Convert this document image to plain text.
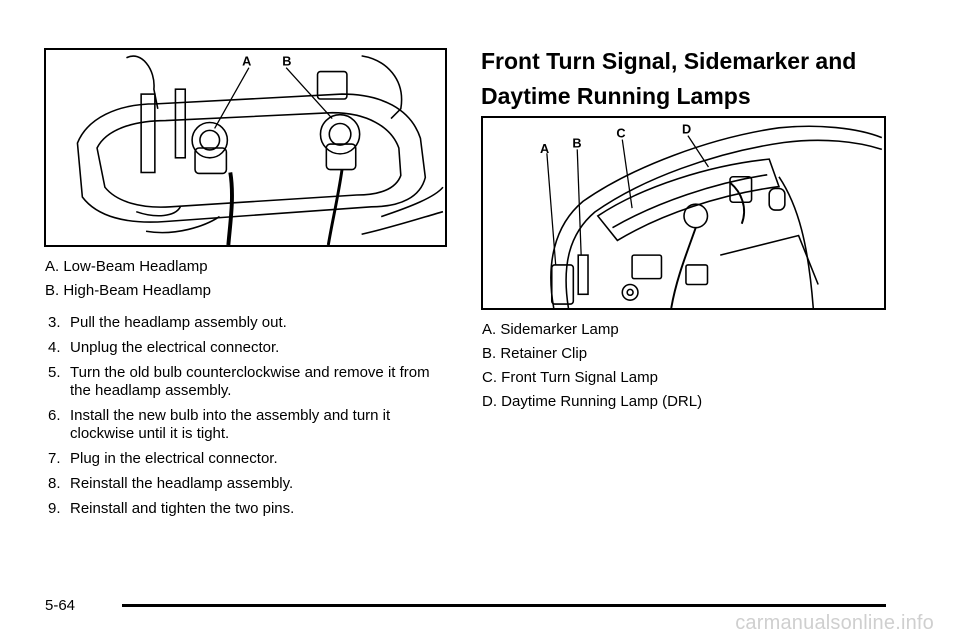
A B
A. Low-Beam Headlamp
B. High-Beam Headlamp
3. Pull the headlamp assembly out.
4. Unplug the electrical connector.
5. Turn the old bulb counterclockwise and remove it from the headlamp assembly.
6. Install the new bulb into the assembly and turn it clockwise until it is tight.
7. Plug in the electrical connector.
8. Reinstall the headlamp assembly.
9. Reinstall and tighten the two pins.
Front Turn Signal, Sidemarker and Daytime Running Lamps
A B
C	D
A. Sidemarker Lamp
B. Retainer Clip
C. Front Turn Signal Lamp
D. Daytime Running Lamp (DRL)
5-64
carmanualsonline.info
